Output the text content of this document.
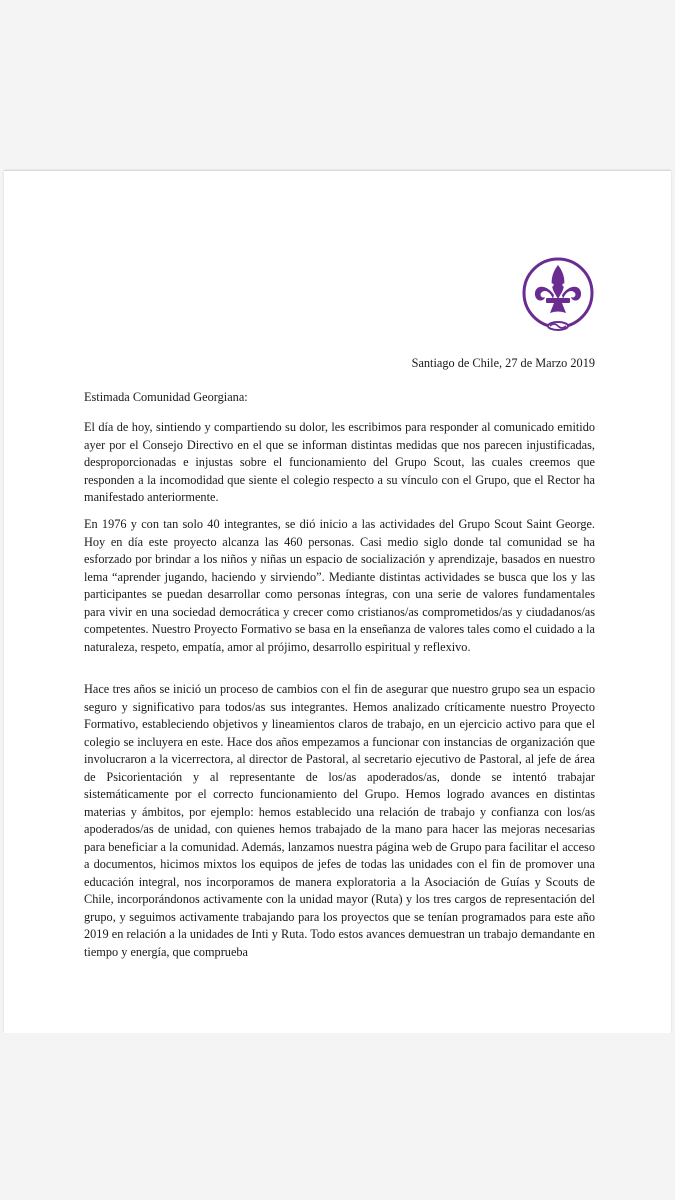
Santiago de Chile, 27 de Marzo 2019
Estimada Comunidad Georgiana:

El día de hoy, sintiendo y compartiendo su dolor, les escribimos para responder al comunicado emitido ayer por el Consejo Directivo en el que se informan distintas medidas que nos parecen injustificadas, desproporcionadas e injustas sobre el funcionamiento del Grupo Scout, las cuales creemos que responden a la incomodidad que siente el colegio respecto a su vínculo con el Grupo, que el Rector ha manifestado anteriormente.

En 1976 y con tan solo 40 integrantes, se dió inicio a las actividades del Grupo Scout Saint George. Hoy en día este proyecto alcanza las 460 personas. Casi medio siglo donde tal comunidad se ha esforzado por brindar a los niños y niñas un espacio de socialización y aprendizaje, basados en nuestro lema “aprender jugando, haciendo y sirviendo”. Mediante distintas actividades se busca que los y las participantes se puedan desarrollar como personas íntegras, con una serie de valores fundamentales para vivir en una sociedad democrática y crecer como cristianos/as comprometidos/as y ciudadanos/as competentes. Nuestro Proyecto Formativo se basa en la enseñanza de valores tales como el cuidado a la naturaleza, respeto, empatía, amor al prójimo, desarrollo espiritual y reflexivo.

Hace tres años se inició un proceso de cambios con el fin de asegurar que nuestro grupo sea un espacio seguro y significativo para todos/as sus integrantes. Hemos analizado críticamente nuestro Proyecto Formativo, estableciendo objetivos y lineamientos claros de trabajo, en un ejercicio activo para que el colegio se incluyera en este. Hace dos años empezamos a funcionar con instancias de organización que involucraron a la vicerrectora, al director de Pastoral, al secretario ejecutivo de Pastoral, al jefe de área de Psicorientación y al representante de los/as apoderados/as, donde se intentó trabajar sistemáticamente por el correcto funcionamiento del Grupo. Hemos logrado avances en distintas materias y ámbitos, por ejemplo: hemos establecido una relación de trabajo y confianza con los/as apoderados/as de unidad, con quienes hemos trabajado de la mano para hacer las mejoras necesarias para beneficiar a la comunidad. Además, lanzamos nuestra página web de Grupo para facilitar el acceso a documentos, hicimos mixtos los equipos de jefes de todas las unidades con el fin de promover una educación integral, nos incorporamos de manera exploratoria a la Asociación de Guías y Scouts de Chile, incorporándonos activamente con la unidad mayor (Ruta) y los tres cargos de representación del grupo, y seguimos activamente trabajando para los proyectos que se tenían programados para este año 2019 en relación a la unidades de Inti y Ruta. Todo estos avances demuestran un trabajo demandante en tiempo y energía, que comprueba
